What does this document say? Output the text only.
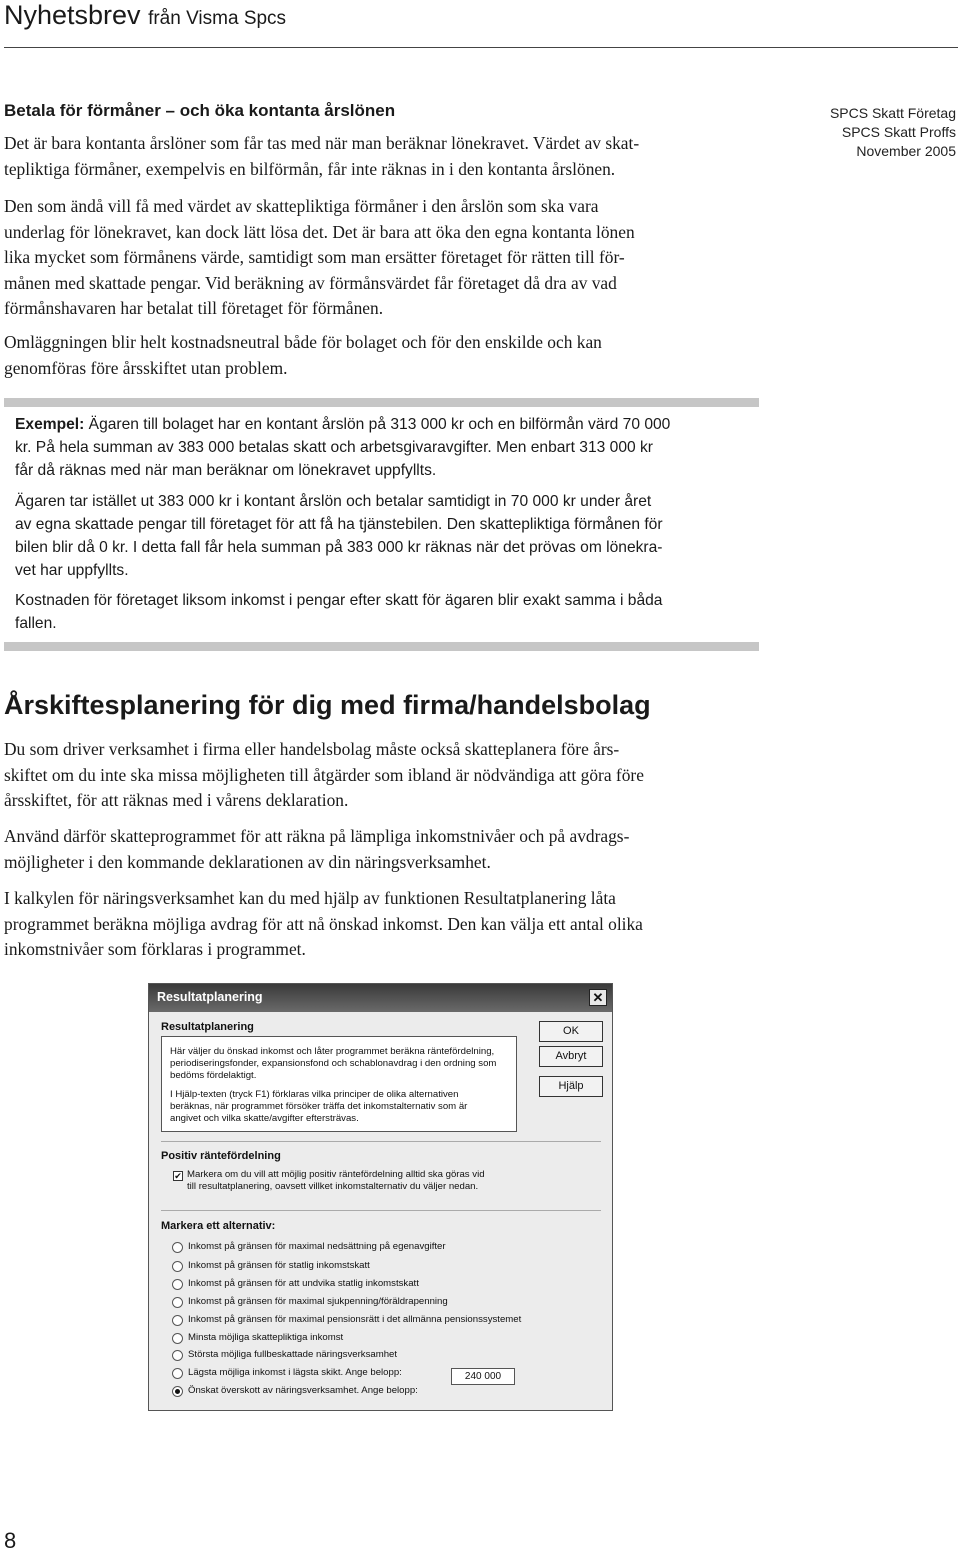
Nyhetsbrev från Visma Spcs
SPCS Skatt Företag
SPCS Skatt Proffs
November 2005
Betala för förmåner – och öka kontanta årslönen
Det är bara kontanta årslöner som får tas med när man beräknar lönekravet. Värdet av skat-
tepliktiga förmåner, exempelvis en bilförmån, får inte räknas in i den kontanta årslönen.
Den som ändå vill få med värdet av skattepliktiga förmåner i den årslön som ska vara
underlag för lönekravet, kan dock lätt lösa det. Det är bara att öka den egna kontanta lönen
lika mycket som förmånens värde, samtidigt som man ersätter företaget för rätten till för-
månen med skattade pengar. Vid beräkning av förmånsvärdet får företaget då dra av vad
förmånshavaren har betalat till företaget för förmånen.
Omläggningen blir helt kostnadsneutral både för bolaget och för den enskilde och kan
genomföras före årsskiftet utan problem.
Exempel: Ägaren till bolaget har en kontant årslön på 313 000 kr och en bilförmån värd 70 000
kr. På hela summan av 383 000 betalas skatt och arbetsgivaravgifter. Men enbart 313 000 kr
får då räknas med när man beräknar om lönekravet uppfyllts.
Ägaren tar istället ut 383 000 kr i kontant årslön och betalar samtidigt in 70 000 kr under året
av egna skattade pengar till företaget för att få ha tjänstebilen. Den skattepliktiga förmånen för
bilen blir då 0 kr. I detta fall får hela summan på 383 000 kr räknas när det prövas om lönekra-
vet har uppfyllts.
Kostnaden för företaget liksom inkomst i pengar efter skatt för ägaren blir exakt samma i båda
fallen.
Årskiftesplanering för dig med firma/handelsbolag
Du som driver verksamhet i firma eller handelsbolag måste också skatteplanera före års-
skiftet om du inte ska missa möjligheten till åtgärder som ibland är nödvändiga att göra före
årsskiftet, för att räknas med i vårens deklaration.
Använd därför skatteprogrammet för att räkna på lämpliga inkomstnivåer och på avdrags-
möjligheter i den kommande deklarationen av din näringsverksamhet.
I kalkylen för näringsverksamhet kan du med hjälp av funktionen Resultatplanering låta
programmet beräkna möjliga avdrag för att nå önskad inkomst. Den kan välja ett antal olika
inkomstnivåer som förklaras i programmet.
Resultatplanering	✕
Resultatplanering
Här väljer du önskad inkomst och låter programmet beräkna räntefördelning,
periodiseringsfonder, expansionsfond och schablonavdrag i den ordning som
bedöms fördelaktigt.
I Hjälp-texten (tryck F1) förklaras vilka principer de olika alternativen
beräknas, när programmet försöker träffa det inkomstalternativ som är
angivet och vilka skatte/avgifter eftersträvas.
OK
Avbryt
Hjälp
Positiv räntefördelning
✔ Markera om du vill att möjlig positiv räntefördelning alltid ska göras vid
till resultatplanering, oavsett villket inkomstalternativ du väljer nedan.
Markera ett alternativ:
Inkomst på gränsen för maximal nedsättning på egenavgifter
Inkomst på gränsen för statlig inkomstskatt
Inkomst på gränsen för att undvika statlig inkomstskatt
Inkomst på gränsen för maximal sjukpenning/föräldrapenning
Inkomst på gränsen för maximal pensionsrätt i det allmänna pensionssystemet
Minsta möjliga skattepliktiga inkomst
Största möjliga fullbeskattade näringsverksamhet
Lägsta möjliga inkomst i lägsta skikt. Ange belopp:
Önskat överskott av näringsverksamhet. Ange belopp:
240 000
8
